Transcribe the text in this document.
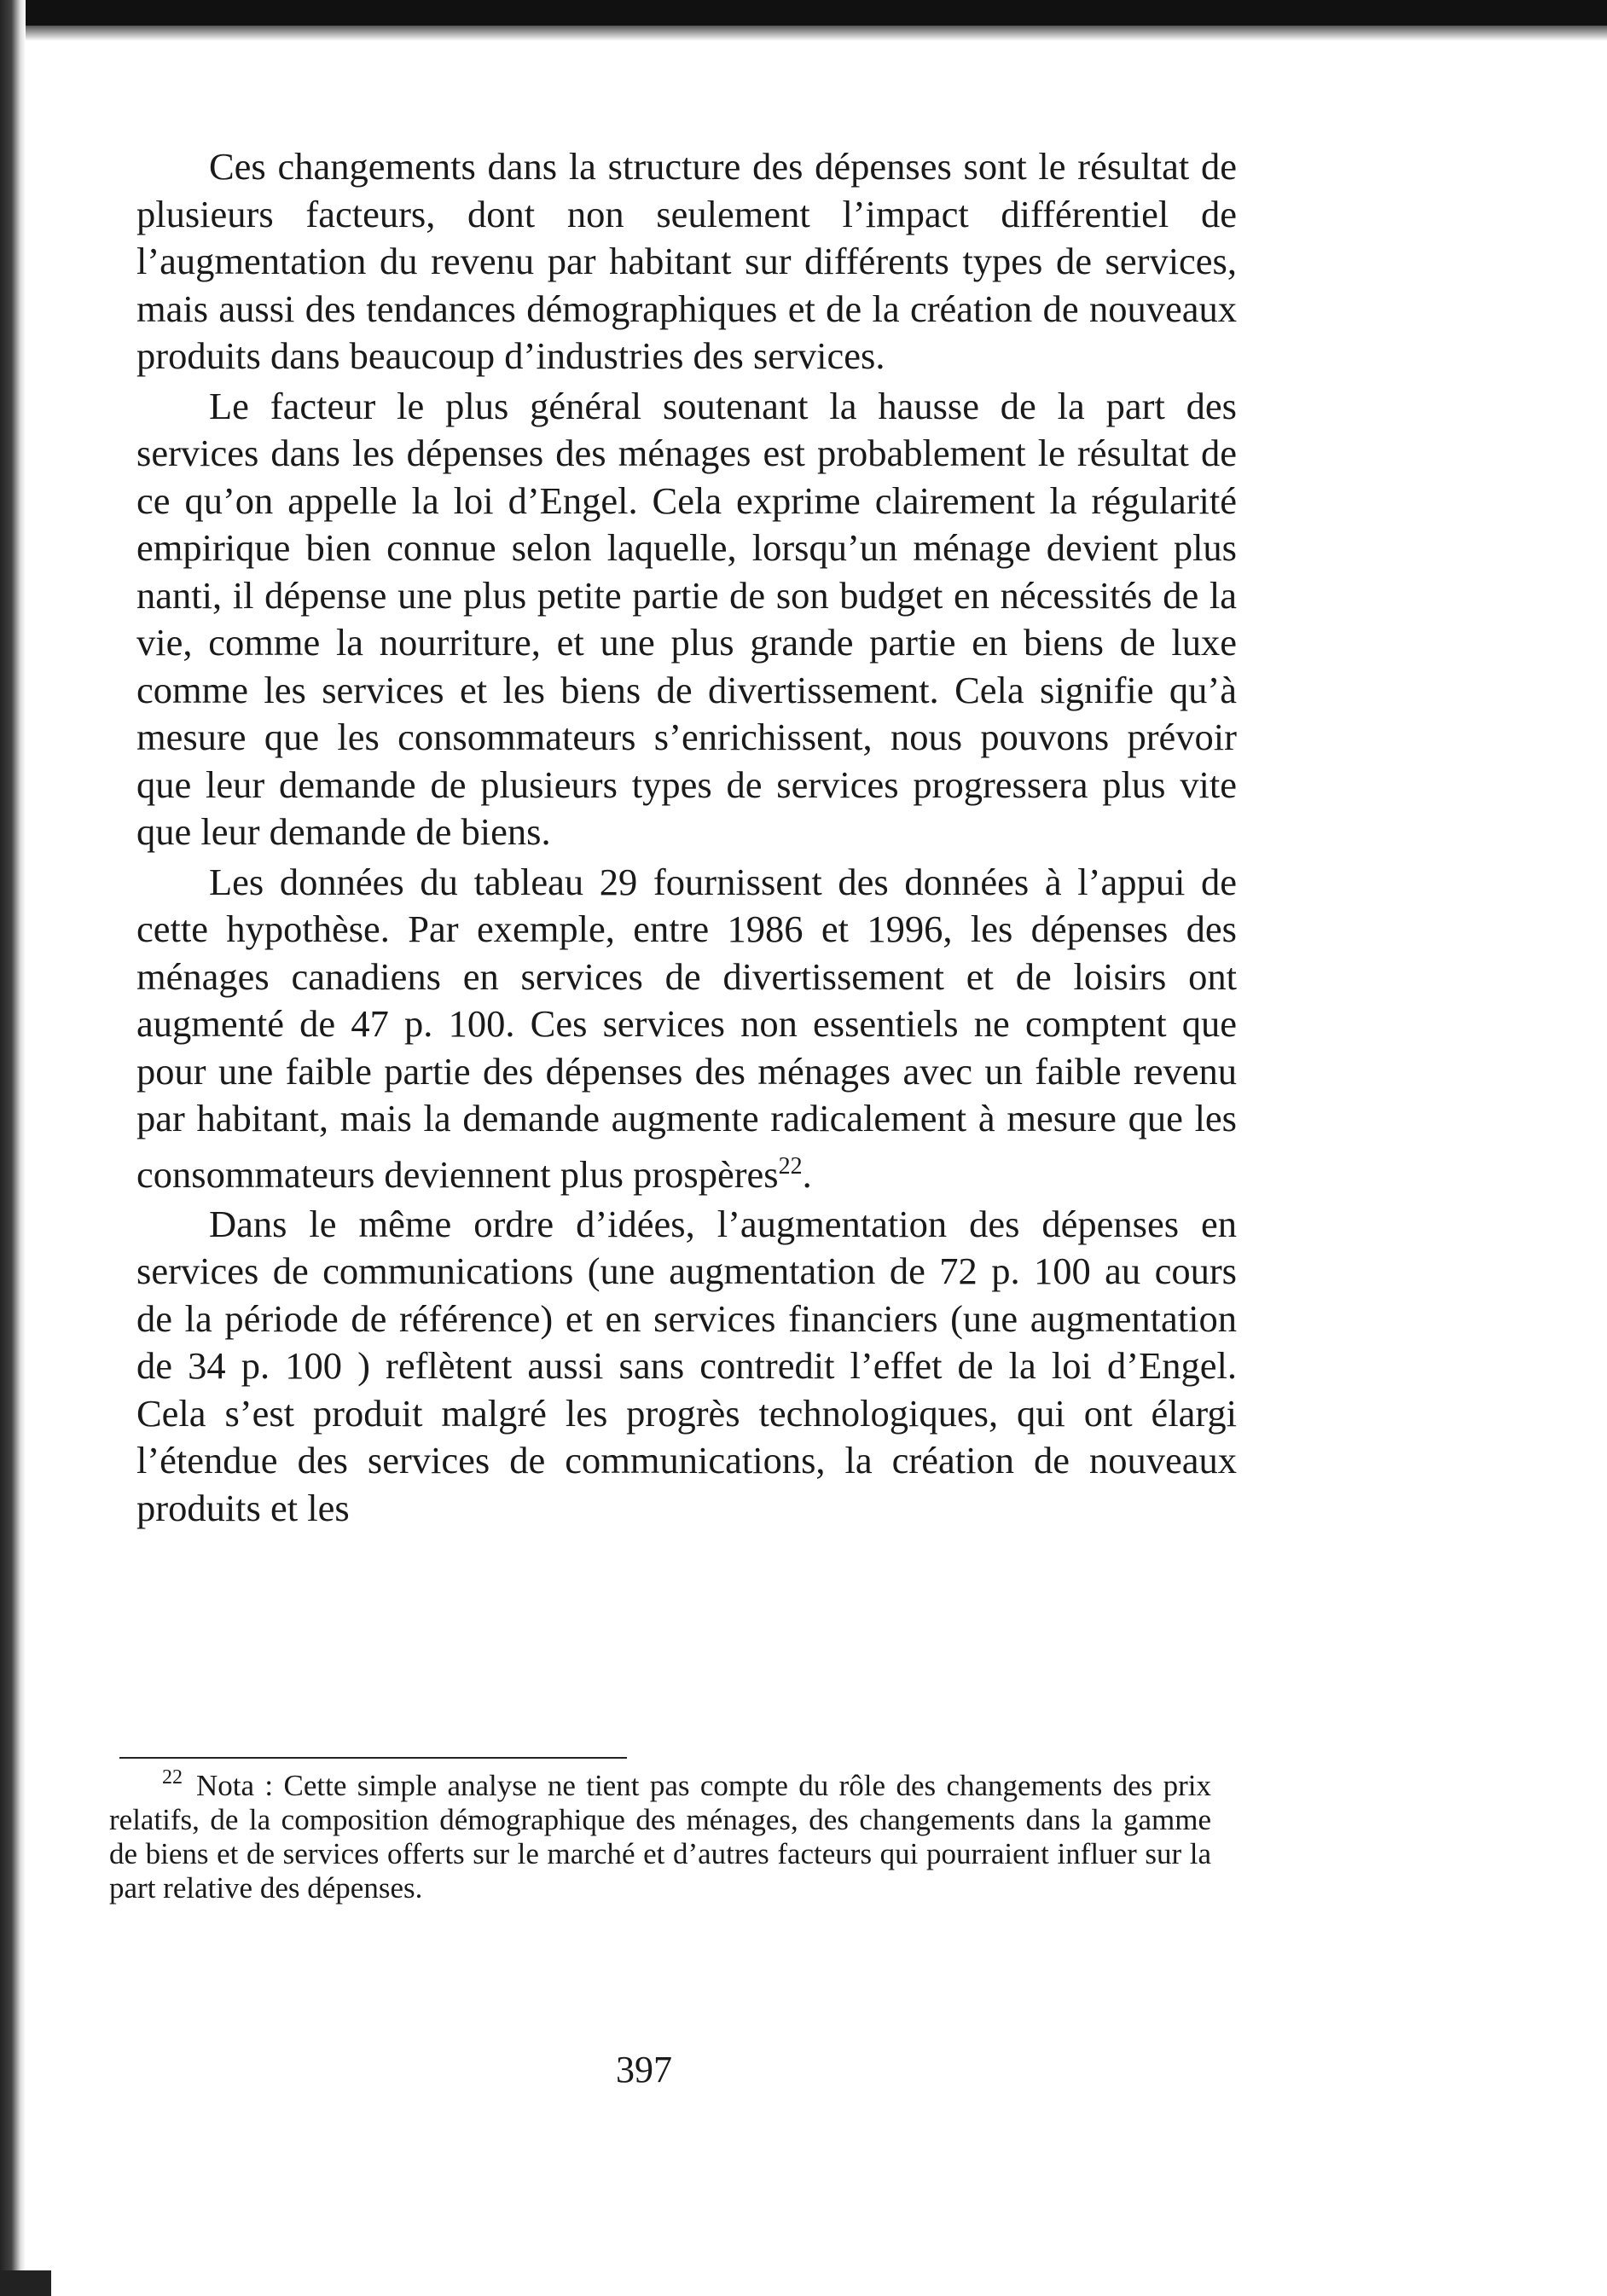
Ces changements dans la structure des dépenses sont le résultat de plusieurs facteurs, dont non seulement l’impact différentiel de l’augmentation du revenu par habitant sur différents types de services, mais aussi des tendances démographiques et de la création de nouveaux produits dans beaucoup d’industries des services.

Le facteur le plus général soutenant la hausse de la part des services dans les dépenses des ménages est probablement le résultat de ce qu’on appelle la loi d’Engel. Cela exprime clairement la régularité empirique bien connue selon laquelle, lorsqu’un ménage devient plus nanti, il dépense une plus petite partie de son budget en nécessités de la vie, comme la nourriture, et une plus grande partie en biens de luxe comme les services et les biens de divertissement. Cela signifie qu’à mesure que les consommateurs s’enrichissent, nous pouvons prévoir que leur demande de plusieurs types de services progressera plus vite que leur demande de biens.

Les données du tableau 29 fournissent des données à l’appui de cette hypothèse. Par exemple, entre 1986 et 1996, les dépenses des ménages canadiens en services de divertissement et de loisirs ont augmenté de 47 p. 100. Ces services non essentiels ne comptent que pour une faible partie des dépenses des ménages avec un faible revenu par habitant, mais la demande augmente radicalement à mesure que les consommateurs deviennent plus prospères$^{22}$.

Dans le même ordre d’idées, l’augmentation des dépenses en services de communications (une augmentation de 72 p. 100 au cours de la période de référence) et en services financiers (une augmentation de 34 p. 100 ) reflètent aussi sans contredit l’effet de la loi d’Engel. Cela s’est produit malgré les progrès technologiques, qui ont élargi l’étendue des services de communications, la création de nouveaux produits et les

22 Nota : Cette simple analyse ne tient pas compte du rôle des changements des prix relatifs, de la composition démographique des ménages, des changements dans la gamme de biens et de services offerts sur le marché et d’autres facteurs qui pourraient influer sur la part relative des dépenses.

397
